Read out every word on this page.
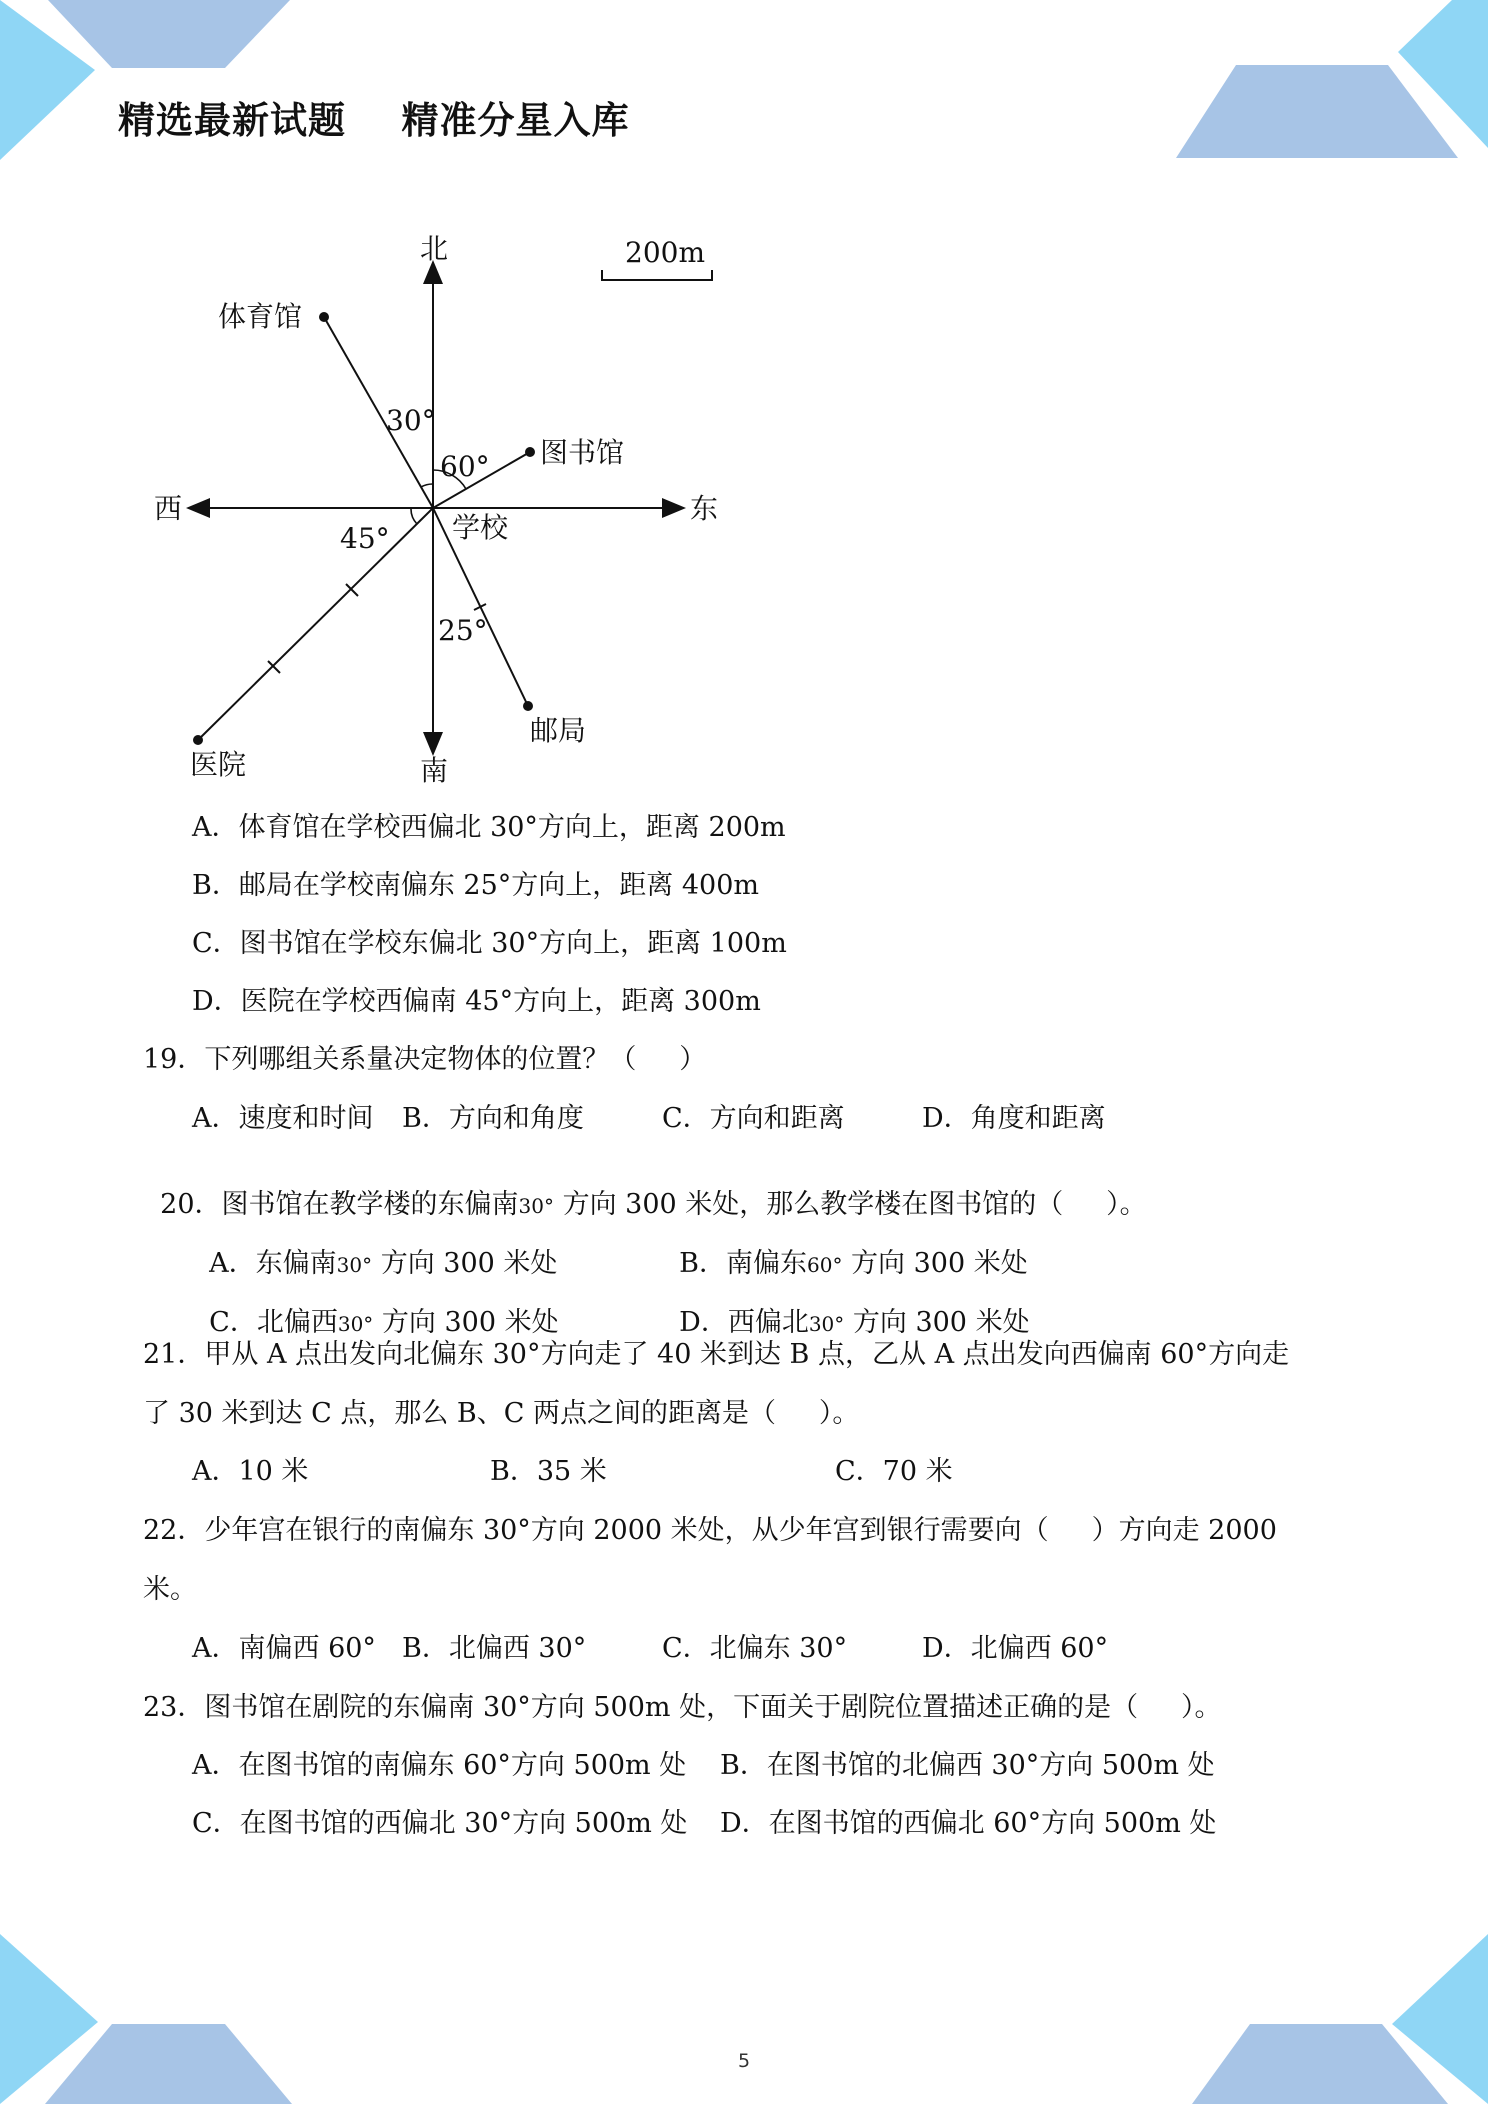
精选最新试题    精准分星入库
200m
北
南
东
西
学校
体育馆
图书馆
医院
邮局
30°
60°
45°
25°
A．体育馆在学校西偏北 30°方向上，距离 200m
B．邮局在学校南偏东 25°方向上，距离 400m
C．图书馆在学校东偏北 30°方向上，距离 100m
D．医院在学校西偏南 45°方向上，距离 300m
19．下列哪组关系量决定物体的位置？（     ）
A．速度和时间 B．方向和角度	C．方向和距离	D．角度和距离

20．图书馆在教学楼的东偏南30° 方向 300 米处，那么教学楼在图书馆的（     ）。

A．东偏南30° 方向 300 米处	B．南偏东60° 方向 300 米处

C．北偏西30° 方向 300 米处	D．西偏北30° 方向 300 米处

21．甲从 A 点出发向北偏东 30°方向走了 40 米到达 B 点，乙从 A 点出发向西偏南 60°方向走
了 30 米到达 C 点，那么 B、C 两点之间的距离是（     ）。
A．10 米	B．35 米	C．70 米
22．少年宫在银行的南偏东 30°方向 2000 米处，从少年宫到银行需要向（     ）方向走 2000
米。
A．南偏西 60° B．北偏西 30°	C．北偏东 30°	D．北偏西 60°
23．图书馆在剧院的东偏南 30°方向 500m 处，下面关于剧院位置描述正确的是（     ）。
A．在图书馆的南偏东 60°方向 500m 处 B．在图书馆的北偏西 30°方向 500m 处
C．在图书馆的西偏北 30°方向 500m 处 D．在图书馆的西偏北 60°方向 500m 处
5
